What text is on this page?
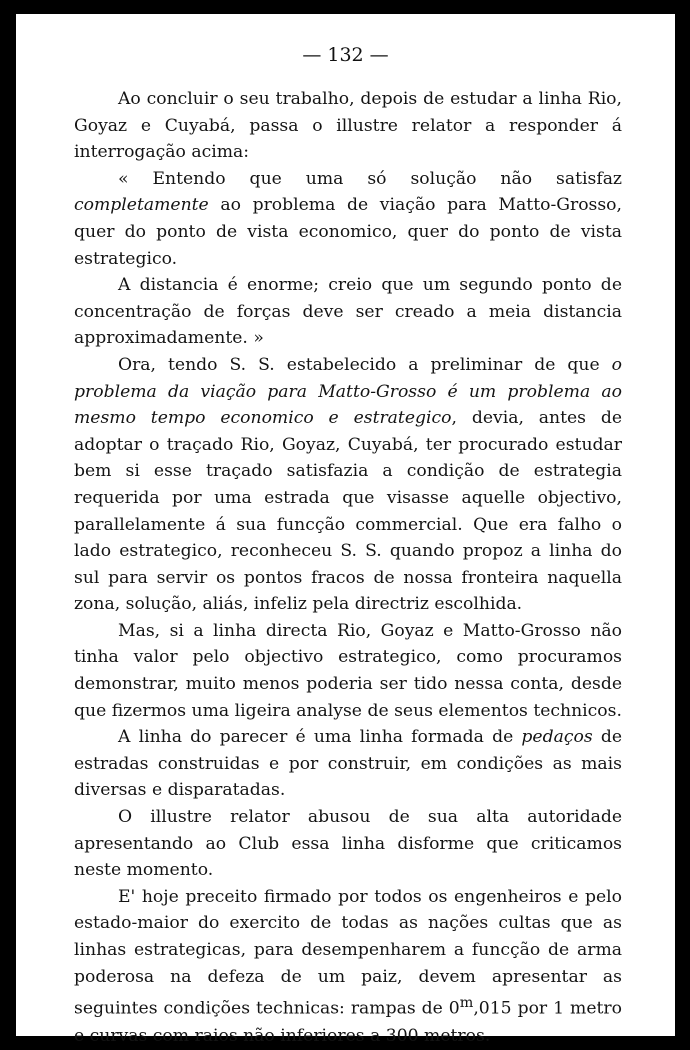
— 132 —

Ao concluir o seu trabalho, depois de estudar a linha Rio, Goyaz e Cuyabá, passa o illustre relator a responder á interrogação acima:

« Entendo que uma só solução não satisfaz completamente ao problema de viação para Matto-Grosso, quer do ponto de vista economico, quer do ponto de vista estrategico.

A distancia é enorme; creio que um segundo ponto de concentração de forças deve ser creado a meia distancia approximadamente. »

Ora, tendo S. S. estabelecido a preliminar de que o problema da viação para Matto-Grosso é um problema ao mesmo tempo economico e estrategico, devia, antes de adoptar o traçado Rio, Goyaz, Cuyabá, ter procurado estudar bem si esse traçado satisfazia a condição de estrategia requerida por uma estrada que visasse aquelle objectivo, parallelamente á sua funcção commercial. Que era falho o lado estrategico, reconheceu S. S. quando propoz a linha do sul para servir os pontos fracos de nossa fronteira naquella zona, solução, aliás, infeliz pela directriz escolhida.

Mas, si a linha directa Rio, Goyaz e Matto-Grosso não tinha valor pelo objectivo estrategico, como procuramos demonstrar, muito menos poderia ser tido nessa conta, desde que fizermos uma ligeira analyse de seus elementos technicos.

A linha do parecer é uma linha formada de pedaços de estradas construidas e por construir, em condições as mais diversas e disparatadas.

O illustre relator abusou de sua alta autoridade apresentando ao Club essa linha disforme que criticamos neste momento.

E' hoje preceito firmado por todos os engenheiros e pelo estado-maior do exercito de todas as nações cultas que as linhas estrategicas, para desempenharem a funcção de arma poderosa na defeza de um paiz, devem apresentar as seguintes condições technicas: rampas de 0$^m$,015 por 1 metro e curvas com raios não inferiores a 300 metros.
